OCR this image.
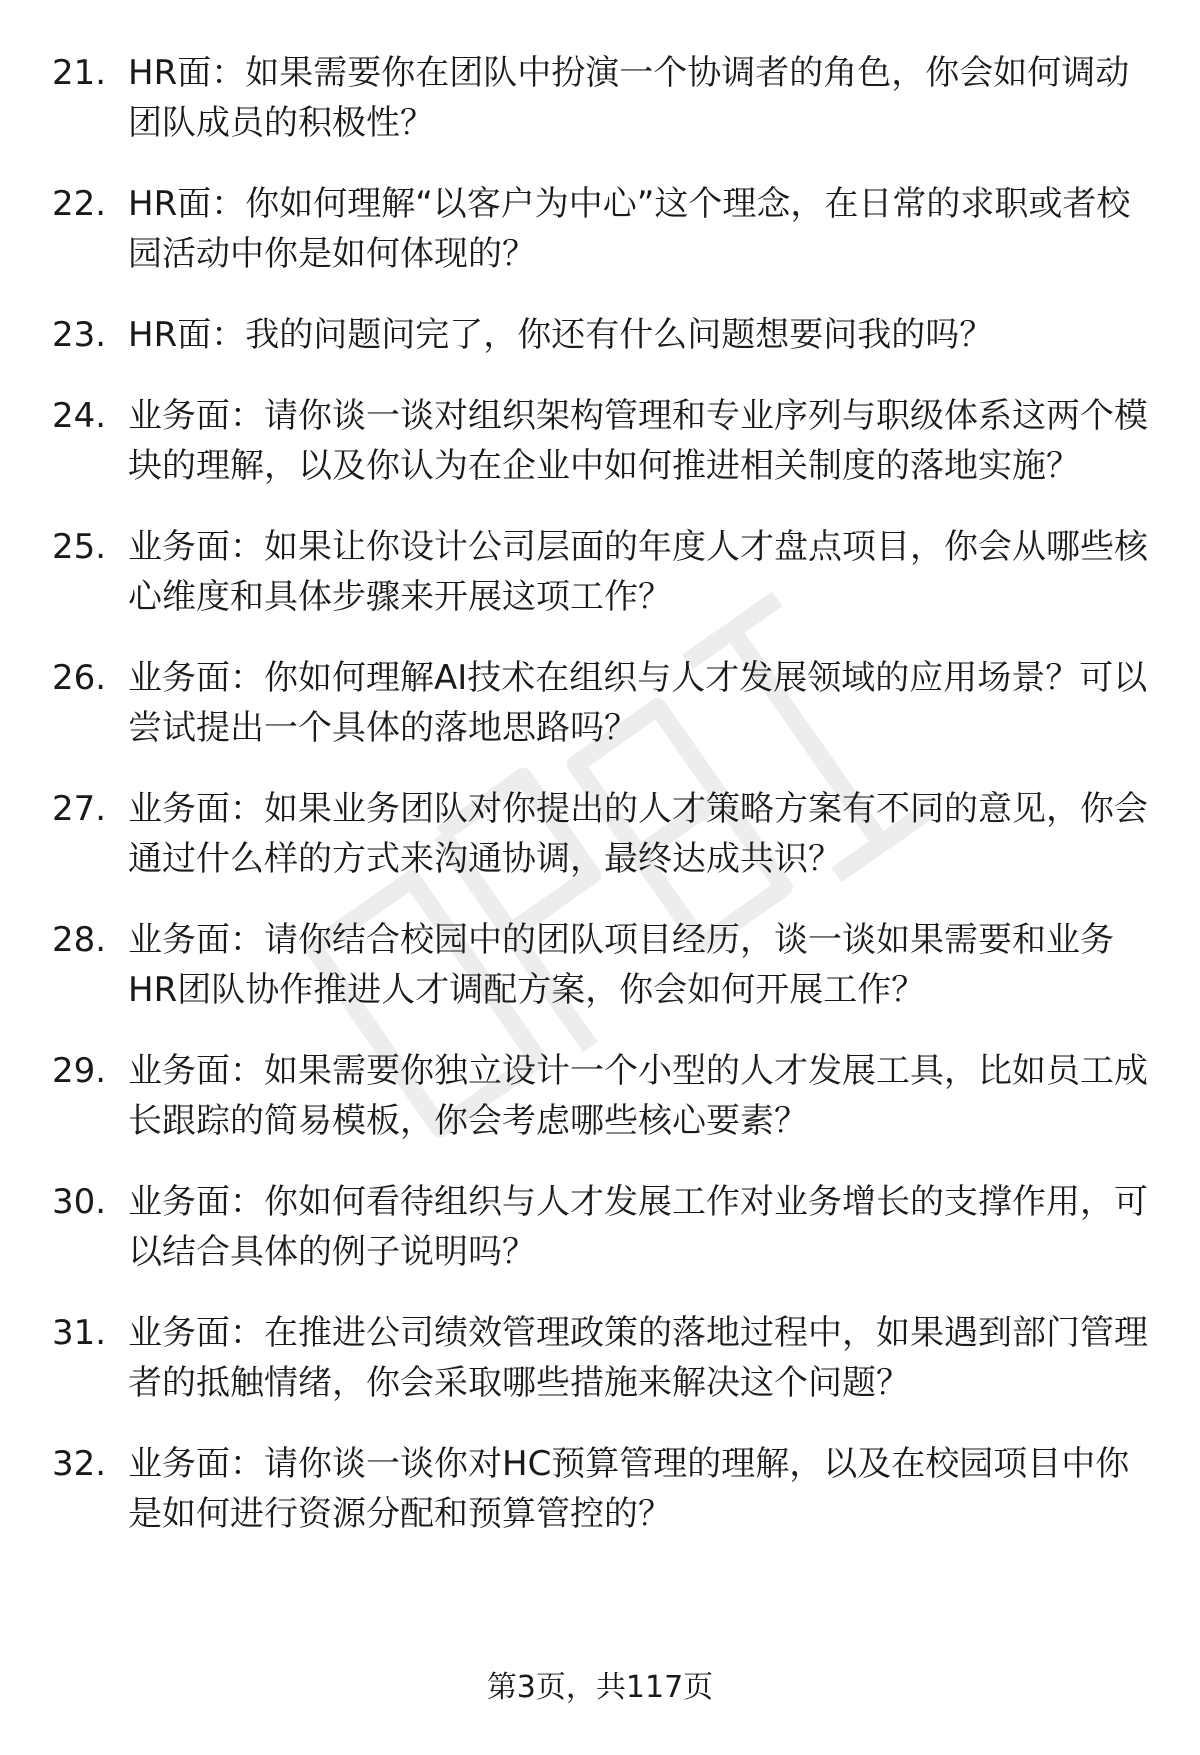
21. HR面：如果需要你在团队中扮演一个协调者的角色，你会如何调动团队成员的积极性？
22. HR面：你如何理解“以客户为中心”这个理念，在日常的求职或者校园活动中你是如何体现的？
23. HR面：我的问题问完了，你还有什么问题想要问我的吗？
24. 业务面：请你谈一谈对组织架构管理和专业序列与职级体系这两个模块的理解，以及你认为在企业中如何推进相关制度的落地实施？
25. 业务面：如果让你设计公司层面的年度人才盘点项目，你会从哪些核心维度和具体步骤来开展这项工作？
26. 业务面：你如何理解AI技术在组织与人才发展领域的应用场景？可以尝试提出一个具体的落地思路吗？
27. 业务面：如果业务团队对你提出的人才策略方案有不同的意见，你会通过什么样的方式来沟通协调，最终达成共识？
28. 业务面：请你结合校园中的团队项目经历，谈一谈如果需要和业务HR团队协作推进人才调配方案，你会如何开展工作？
29. 业务面：如果需要你独立设计一个小型的人才发展工具，比如员工成长跟踪的简易模板，你会考虑哪些核心要素？
30. 业务面：你如何看待组织与人才发展工作对业务增长的支撑作用，可以结合具体的例子说明吗？
31. 业务面：在推进公司绩效管理政策的落地过程中，如果遇到部门管理者的抵触情绪，你会采取哪些措施来解决这个问题？
32. 业务面：请你谈一谈你对HC预算管理的理解，以及在校园项目中你是如何进行资源分配和预算管控的？
第3页，共117页
